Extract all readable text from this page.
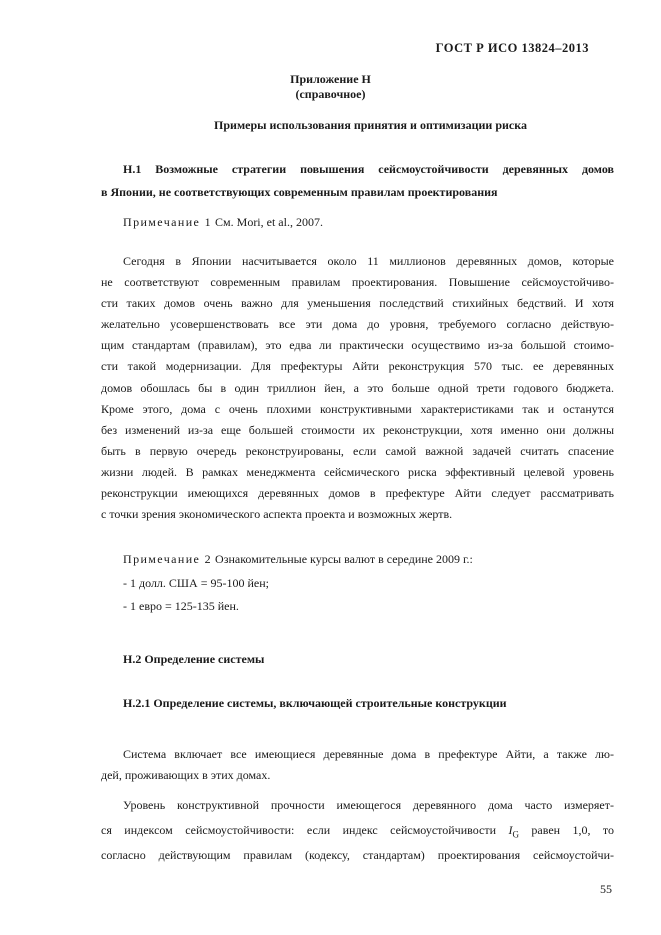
ГОСТ Р ИСО 13824–2013
Приложение Н
(справочное)
Примеры использования принятия и оптимизации риска
Н.1 Возможные стратегии повышения сейсмоустойчивости деревянных домов
в Японии, не соответствующих современным правилам проектирования
Примечание 1 См. Mori, et al., 2007.
Сегодня в Японии насчитывается около 11 миллионов деревянных домов, которые
не соответствуют современным правилам проектирования. Повышение сейсмоустойчиво-
сти таких домов очень важно для уменьшения последствий стихийных бедствий. И хотя
желательно усовершенствовать все эти дома до уровня, требуемого согласно действую-
щим стандартам (правилам), это едва ли практически осуществимо из-за большой стоимо-
сти такой модернизации. Для префектуры Айти реконструкция 570 тыс. ее деревянных
домов обошлась бы в один триллион йен, а это больше одной трети годового бюджета.
Кроме этого, дома с очень плохими конструктивными характеристиками так и останутся
без изменений из-за еще большей стоимости их реконструкции, хотя именно они должны
быть в первую очередь реконструированы, если самой важной задачей считать спасение
жизни людей. В рамках менеджмента сейсмического риска эффективный целевой уровень
реконструкции имеющихся деревянных домов в префектуре Айти следует рассматривать
с точки зрения экономического аспекта проекта и возможных жертв.
Примечание 2 Ознакомительные курсы валют в середине 2009 г.:
- 1 долл. США = 95-100 йен;
- 1 евро = 125-135 йен.
Н.2 Определение системы
Н.2.1 Определение системы, включающей строительные конструкции
Система включает все имеющиеся деревянные дома в префектуре Айти, а также лю-
дей, проживающих в этих домах.
Уровень конструктивной прочности имеющегося деревянного дома часто измеряет-
ся индексом сейсмоустойчивости: если индекс сейсмоустойчивости $I_G$ равен 1,0, то
согласно действующим правилам (кодексу, стандартам) проектирования сейсмоустойчи-
55
